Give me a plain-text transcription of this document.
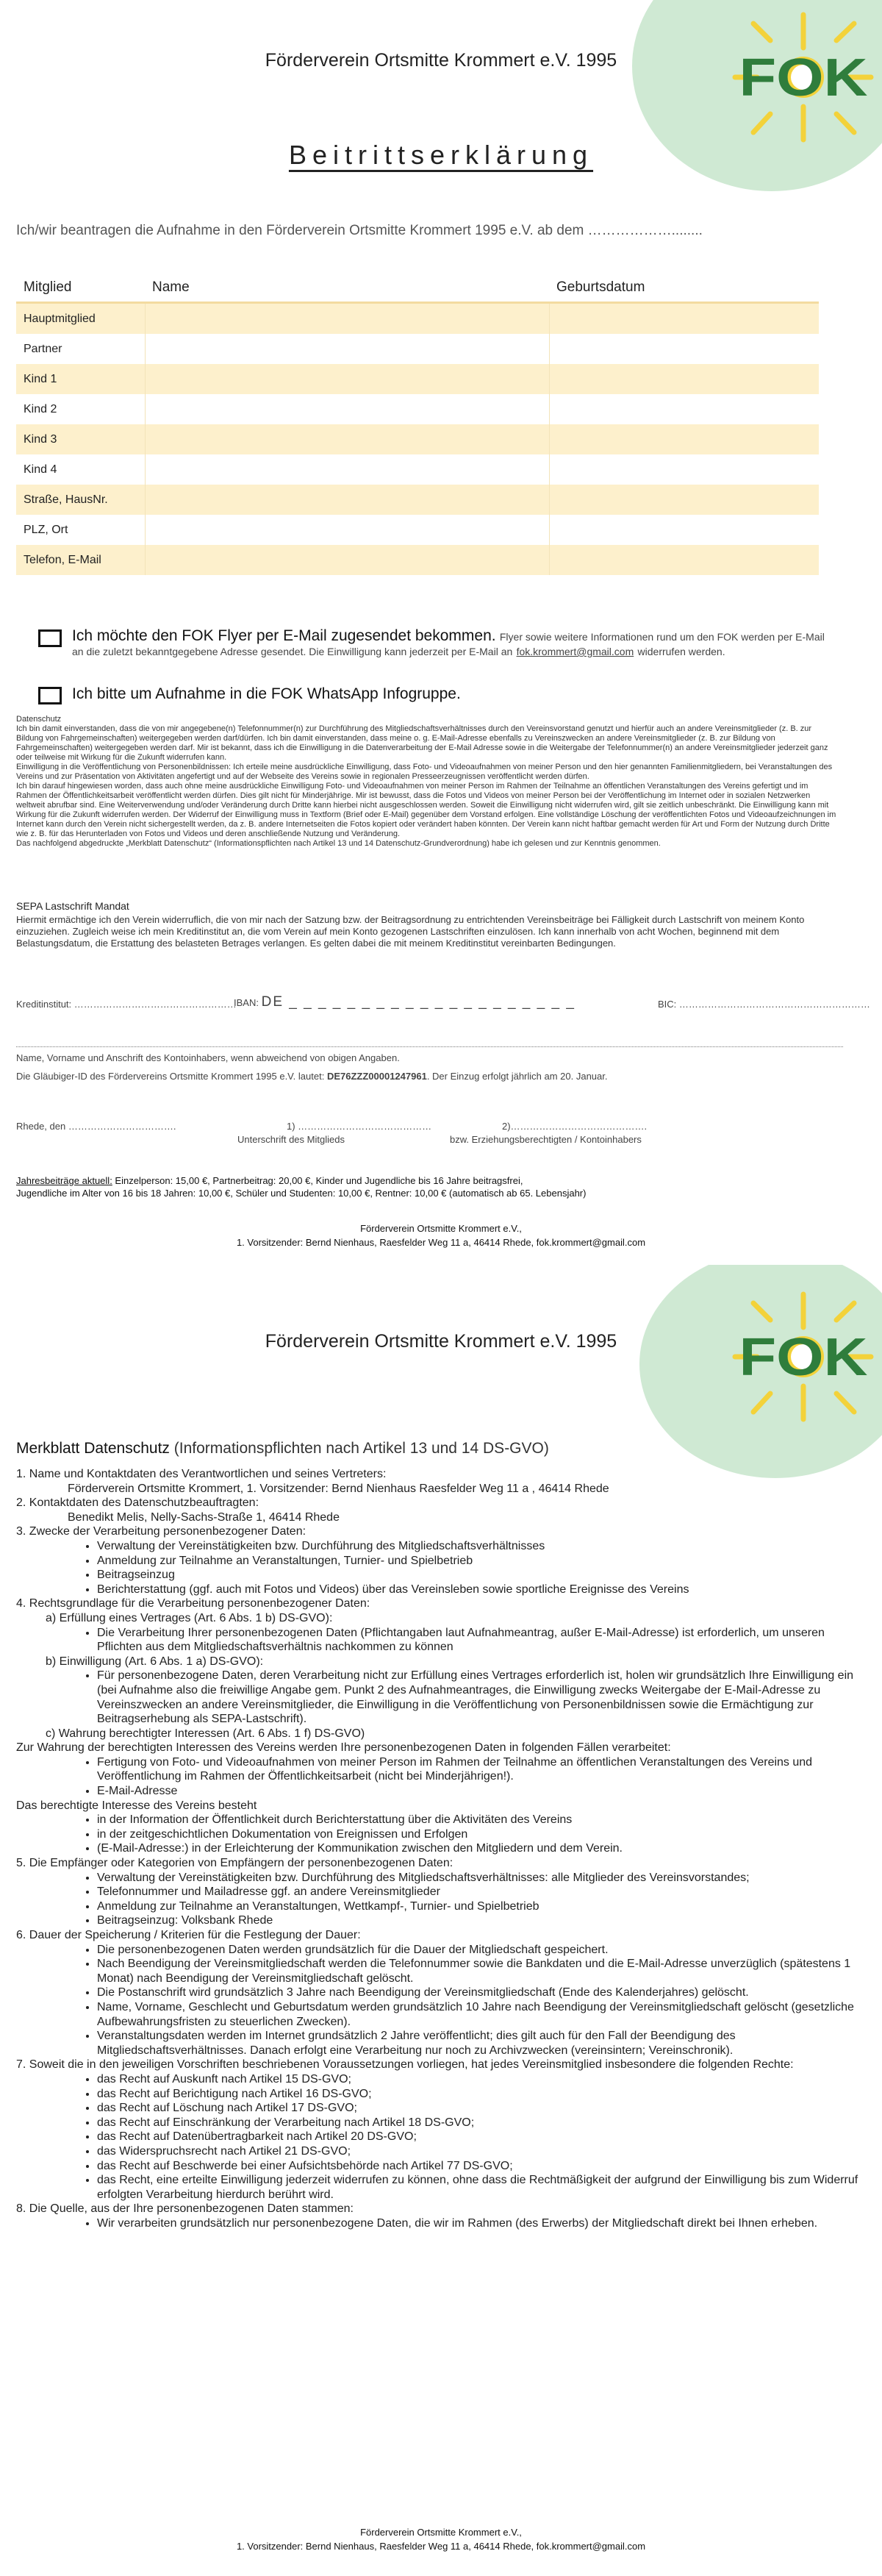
Förderverein Ortsmitte Krommert e.V. 1995	FOK
Beitrittserklärung
Ich/wir beantragen die Aufnahme in den Förderverein Ortsmitte Krommert 1995 e.V. ab dem ………………........
Mitglied	Name	Geburtsdatum
Hauptmitglied		
Partner		
Kind 1		
Kind 2		
Kind 3		
Kind 4		
Straße, HausNr.		
PLZ, Ort		
Telefon, E-Mail		
Ich möchte den FOK Flyer per E-Mail zugesendet bekommen. Flyer sowie weitere Informationen rund um den FOK werden per E-Mail an die zuletzt bekanntgegebene Adresse gesendet. Die Einwilligung kann jederzeit per E-Mail an fok.krommert@gmail.com widerrufen werden.
Ich bitte um Aufnahme in die FOK WhatsApp Infogruppe.
Datenschutz
Ich bin damit einverstanden, dass die von mir angegebene(n) Telefonnummer(n) zur Durchführung des Mitgliedschaftsverhältnisses durch den Vereinsvorstand genutzt und hierfür auch an andere Vereinsmitglieder (z. B. zur Bildung von Fahrgemeinschaften) weitergegeben werden darf/dürfen. Ich bin damit einverstanden, dass meine o. g. E-Mail-Adresse ebenfalls zu Vereinszwecken an andere Vereinsmitglieder (z. B. zur Bildung von Fahrgemeinschaften) weitergegeben werden darf. Mir ist bekannt, dass ich die Einwilligung in die Datenverarbeitung der E-Mail Adresse sowie in die Weitergabe der Telefonnummer(n) an andere Vereinsmitglieder jederzeit ganz oder teilweise mit Wirkung für die Zukunft widerrufen kann.
Einwilligung in die Veröffentlichung von Personenbildnissen: Ich erteile meine ausdrückliche Einwilligung, dass Foto- und Videoaufnahmen von meiner Person und den hier genannten Familienmitgliedern, bei Veranstaltungen des Vereins und zur Präsentation von Aktivitäten angefertigt und auf der Webseite des Vereins sowie in regionalen Presseerzeugnissen veröffentlicht werden dürfen.
Ich bin darauf hingewiesen worden, dass auch ohne meine ausdrückliche Einwilligung Foto- und Videoaufnahmen von meiner Person im Rahmen der Teilnahme an öffentlichen Veranstaltungen des Vereins gefertigt und im Rahmen der Öffentlichkeitsarbeit veröffentlicht werden dürfen. Dies gilt nicht für Minderjährige. Mir ist bewusst, dass die Fotos und Videos von meiner Person bei der Veröffentlichung im Internet oder in sozialen Netzwerken weltweit abrufbar sind. Eine Weiterverwendung und/oder Veränderung durch Dritte kann hierbei nicht ausgeschlossen werden. Soweit die Einwilligung nicht widerrufen wird, gilt sie zeitlich unbeschränkt. Die Einwilligung kann mit Wirkung für die Zukunft widerrufen werden. Der Widerruf der Einwilligung muss in Textform (Brief oder E-Mail) gegenüber dem Vorstand erfolgen. Eine vollständige Löschung der veröffentlichten Fotos und Videoaufzeichnungen im Internet kann durch den Verein nicht sichergestellt werden, da z. B. andere Internetseiten die Fotos kopiert oder verändert haben könnten. Der Verein kann nicht haftbar gemacht werden für Art und Form der Nutzung durch Dritte wie z. B. für das Herunterladen von Fotos und Videos und deren anschließende Nutzung und Veränderung.
Das nachfolgend abgedruckte „Merkblatt Datenschutz“ (Informationspflichten nach Artikel 13 und 14 Datenschutz-Grundverordnung) habe ich gelesen und zur Kenntnis genommen.
SEPA Lastschrift Mandat
Hiermit ermächtige ich den Verein widerruflich, die von mir nach der Satzung bzw. der Beitragsordnung zu entrichtenden Vereinsbeiträge bei Fälligkeit durch Lastschrift von meinem Konto einzuziehen. Zugleich weise ich mein Kreditinstitut an, die vom Verein auf mein Konto gezogenen Lastschriften einzulösen. Ich kann innerhalb von acht Wochen, beginnend mit dem Belastungsdatum, die Erstattung des belasteten Betrages verlangen. Es gelten dabei die mit meinem Kreditinstitut vereinbarten Bedingungen.
Kreditinstitut: ……………………………………………
IBAN: DE _ _ _ _ _ _ _ _ _ _ _ _ _ _ _ _ _ _ _ _	BIC: ……………………………………………………
Name, Vorname und Anschrift des Kontoinhabers, wenn abweichend von obigen Angaben.
Die Gläubiger-ID des Fördervereins Ortsmitte Krommert 1995 e.V. lautet: DE76ZZZ00001247961. Der Einzug erfolgt jährlich am 20. Januar.
Rhede, den …………………………….	1) ……………………………………
Unterschrift des Mitglieds
2)…………………………………….
bzw. Erziehungsberechtigten / Kontoinhabers
Jahresbeiträge aktuell: Einzelperson: 15,00 €, Partnerbeitrag: 20,00 €, Kinder und Jugendliche bis 16 Jahre beitragsfrei,
Jugendliche im Alter von 16 bis 18 Jahren: 10,00 €, Schüler und Studenten: 10,00 €, Rentner: 10,00 € (automatisch ab 65. Lebensjahr)
Förderverein Ortsmitte Krommert e.V.,
1. Vorsitzender: Bernd Nienhaus, Raesfelder Weg 11 a, 46414 Rhede, fok.krommert@gmail.com
Förderverein Ortsmitte Krommert e.V. 1995	FOK
Merkblatt Datenschutz (Informationspflichten nach Artikel 13 und 14 DS-GVO)
1. Name und Kontaktdaten des Verantwortlichen und seines Vertreters:
Förderverein Ortsmitte Krommert, 1. Vorsitzender: Bernd Nienhaus Raesfelder Weg 11 a , 46414 Rhede
2. Kontaktdaten des Datenschutzbeauftragten:
Benedikt Melis, Nelly-Sachs-Straße 1, 46414 Rhede
3. Zwecke der Verarbeitung personenbezogener Daten:
• Verwaltung der Vereinstätigkeiten bzw. Durchführung des Mitgliedschaftsverhältnisses
• Anmeldung zur Teilnahme an Veranstaltungen, Turnier- und Spielbetrieb
• Beitragseinzug
• Berichterstattung (ggf. auch mit Fotos und Videos) über das Vereinsleben sowie sportliche Ereignisse des Vereins
4. Rechtsgrundlage für die Verarbeitung personenbezogener Daten:
a) Erfüllung eines Vertrages (Art. 6 Abs. 1 b) DS-GVO):
• Die Verarbeitung Ihrer personenbezogenen Daten (Pflichtangaben laut Aufnahmeantrag, außer E-Mail-Adresse) ist erforderlich, um unseren Pflichten aus dem Mitgliedschaftsverhältnis nachkommen zu können
b) Einwilligung (Art. 6 Abs. 1 a) DS-GVO):
• Für personenbezogene Daten, deren Verarbeitung nicht zur Erfüllung eines Vertrages erforderlich ist, holen wir grundsätzlich Ihre Einwilligung ein (bei Aufnahme also die freiwillige Angabe gem. Punkt 2 des Aufnahmeantrages, die Einwilligung zwecks Weitergabe der E-Mail-Adresse zu Vereinszwecken an andere Vereinsmitglieder, die Einwilligung in die Veröffentlichung von Personenbildnissen sowie die Ermächtigung zur Beitragserhebung als SEPA-Lastschrift).
c) Wahrung berechtigter Interessen (Art. 6 Abs. 1 f) DS-GVO)
Zur Wahrung der berechtigten Interessen des Vereins werden Ihre personenbezogenen Daten in folgenden Fällen verarbeitet:
• Fertigung von Foto- und Videoaufnahmen von meiner Person im Rahmen der Teilnahme an öffentlichen Veranstaltungen des Vereins und Veröffentlichung im Rahmen der Öffentlichkeitsarbeit (nicht bei Minderjährigen!).
• E-Mail-Adresse
Das berechtigte Interesse des Vereins besteht
• in der Information der Öffentlichkeit durch Berichterstattung über die Aktivitäten des Vereins
• in der zeitgeschichtlichen Dokumentation von Ereignissen und Erfolgen
• (E-Mail-Adresse:) in der Erleichterung der Kommunikation zwischen den Mitgliedern und dem Verein.
5. Die Empfänger oder Kategorien von Empfängern der personenbezogenen Daten:
• Verwaltung der Vereinstätigkeiten bzw. Durchführung des Mitgliedschaftsverhältnisses: alle Mitglieder des Vereinsvorstandes;
• Telefonnummer und Mailadresse ggf. an andere Vereinsmitglieder
• Anmeldung zur Teilnahme an Veranstaltungen, Wettkampf-, Turnier- und Spielbetrieb
• Beitragseinzug: Volksbank Rhede
6. Dauer der Speicherung / Kriterien für die Festlegung der Dauer:
• Die personenbezogenen Daten werden grundsätzlich für die Dauer der Mitgliedschaft gespeichert.
• Nach Beendigung der Vereinsmitgliedschaft werden die Telefonnummer sowie die Bankdaten und die E-Mail-Adresse unverzüglich (spätestens 1 Monat) nach Beendigung der Vereinsmitgliedschaft gelöscht.
• Die Postanschrift wird grundsätzlich 3 Jahre nach Beendigung der Vereinsmitgliedschaft (Ende des Kalenderjahres) gelöscht.
• Name, Vorname, Geschlecht und Geburtsdatum werden grundsätzlich 10 Jahre nach Beendigung der Vereinsmitgliedschaft gelöscht (gesetzliche Aufbewahrungsfristen zu steuerlichen Zwecken).
• Veranstaltungsdaten werden im Internet grundsätzlich 2 Jahre veröffentlicht; dies gilt auch für den Fall der Beendigung des Mitgliedschaftsverhältnisses. Danach erfolgt eine Verarbeitung nur noch zu Archivzwecken (vereinsintern; Vereinschronik).
7. Soweit die in den jeweiligen Vorschriften beschriebenen Voraussetzungen vorliegen, hat jedes Vereinsmitglied insbesondere die folgenden Rechte:
• das Recht auf Auskunft nach Artikel 15 DS-GVO;
• das Recht auf Berichtigung nach Artikel 16 DS-GVO;
• das Recht auf Löschung nach Artikel 17 DS-GVO;
• das Recht auf Einschränkung der Verarbeitung nach Artikel 18 DS-GVO;
• das Recht auf Datenübertragbarkeit nach Artikel 20 DS-GVO;
• das Widerspruchsrecht nach Artikel 21 DS-GVO;
• das Recht auf Beschwerde bei einer Aufsichtsbehörde nach Artikel 77 DS-GVO;
• das Recht, eine erteilte Einwilligung jederzeit widerrufen zu können, ohne dass die Rechtmäßigkeit der aufgrund der Einwilligung bis zum Widerruf erfolgten Verarbeitung hierdurch berührt wird.
8. Die Quelle, aus der Ihre personenbezogenen Daten stammen:
• Wir verarbeiten grundsätzlich nur personenbezogene Daten, die wir im Rahmen (des Erwerbs) der Mitgliedschaft direkt bei Ihnen erheben.
Förderverein Ortsmitte Krommert e.V.,
1. Vorsitzender: Bernd Nienhaus, Raesfelder Weg 11 a, 46414 Rhede, fok.krommert@gmail.com
